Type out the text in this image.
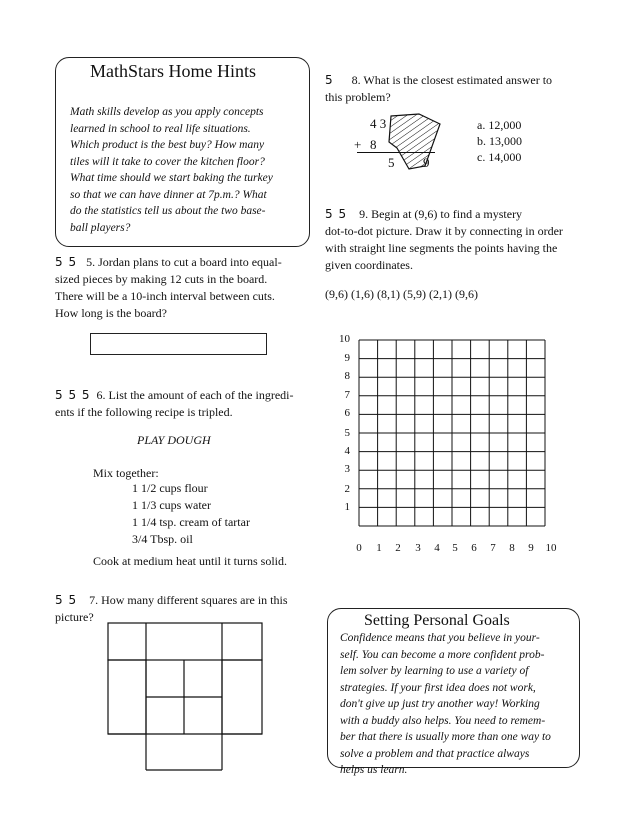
MathStars Home Hints
Math skills develop as you apply concepts
learned in school to real life situations.
Which product is the best buy? How many
tiles will it take to cover the kitchen floor?
What time should we start baking the turkey
so that we can have dinner at 7p.m.? What
do the statistics tell us about the two base-
ball players?
5 5 5. Jordan plans to cut a board into equal-
sized pieces by making 12 cuts in the board.
There will be a 10-inch interval between cuts.
How long is the board?
5 5 5 6. List the amount of each of the ingredi-
ents if the following recipe is tripled.
PLAY DOUGH
Mix together:
1 1/2 cups flour
1 1/3 cups water
1 1/4 tsp. cream of tartar
3/4 Tbsp. oil
Cook at medium heat until it turns solid.
5 5 7. How many different squares are in this
picture?
5 8. What is the closest estimated answer to
this problem?
4 3
+ 8
5 9
a. 12,000
b. 13,000
c. 14,000
5 5 9. Begin at (9,6) to find a mystery
dot-to-dot picture. Draw it by connecting in order
with straight line segments the points having the
given coordinates.
(9,6) (1,6) (8,1) (5,9) (2,1) (9,6)
10
9
8
7
6
5
4
3
2
1
0	1	2	3	4	5	6	7	8	9	10
Setting Personal Goals
Confidence means that you believe in your-
self. You can become a more confident prob-
lem solver by learning to use a variety of
strategies. If your first idea does not work,
don't give up just try another way! Working
with a buddy also helps. You need to remem-
ber that there is usually more than one way to
solve a problem and that practice always
helps us learn.
